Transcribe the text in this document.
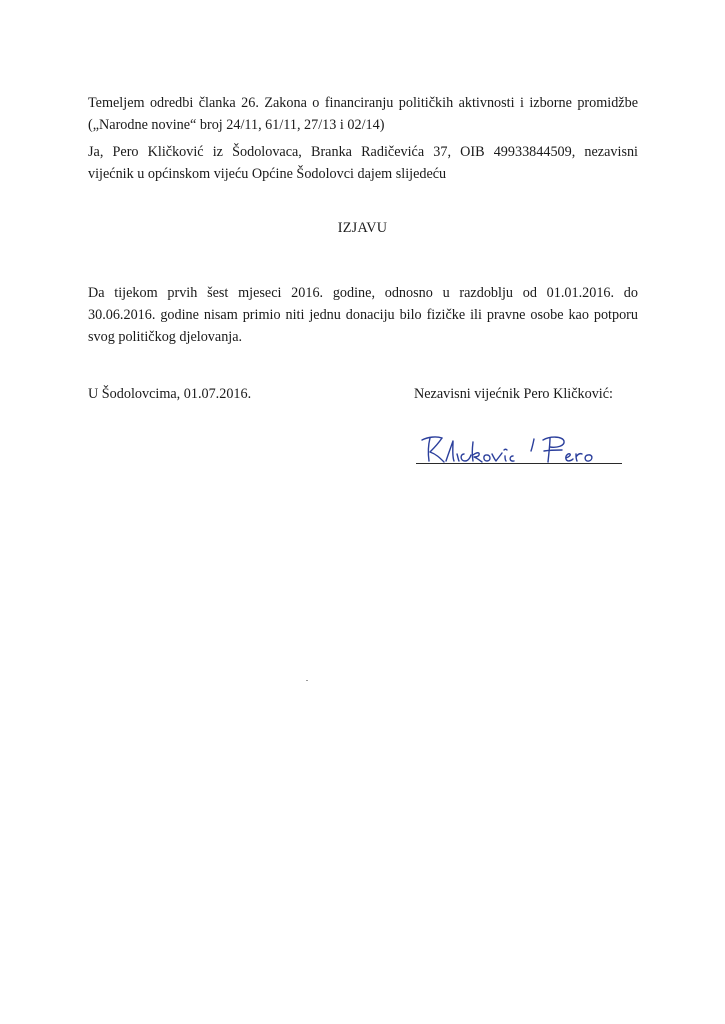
Temeljem odredbi članka 26. Zakona o financiranju političkih aktivnosti i izborne promidžbe
(„Narodne novine“ broj 24/11, 61/11, 27/13 i 02/14)

Ja, Pero Kličković iz Šodolovaca, Branka Radičevića 37, OIB 49933844509, nezavisni
vijećnik u općinskom vijeću Općine Šodolovci dajem slijedeću

IZJAVU

Da tijekom prvih šest mjeseci 2016. godine, odnosno u razdoblju od 01.01.2016. do
30.06.2016. godine nisam primio niti jednu donaciju bilo fizičke ili pravne osobe kao potporu
svog političkog djelovanja.

U Šodolovcima, 01.07.2016.	Nezavisni vijećnik Pero Kličković:
